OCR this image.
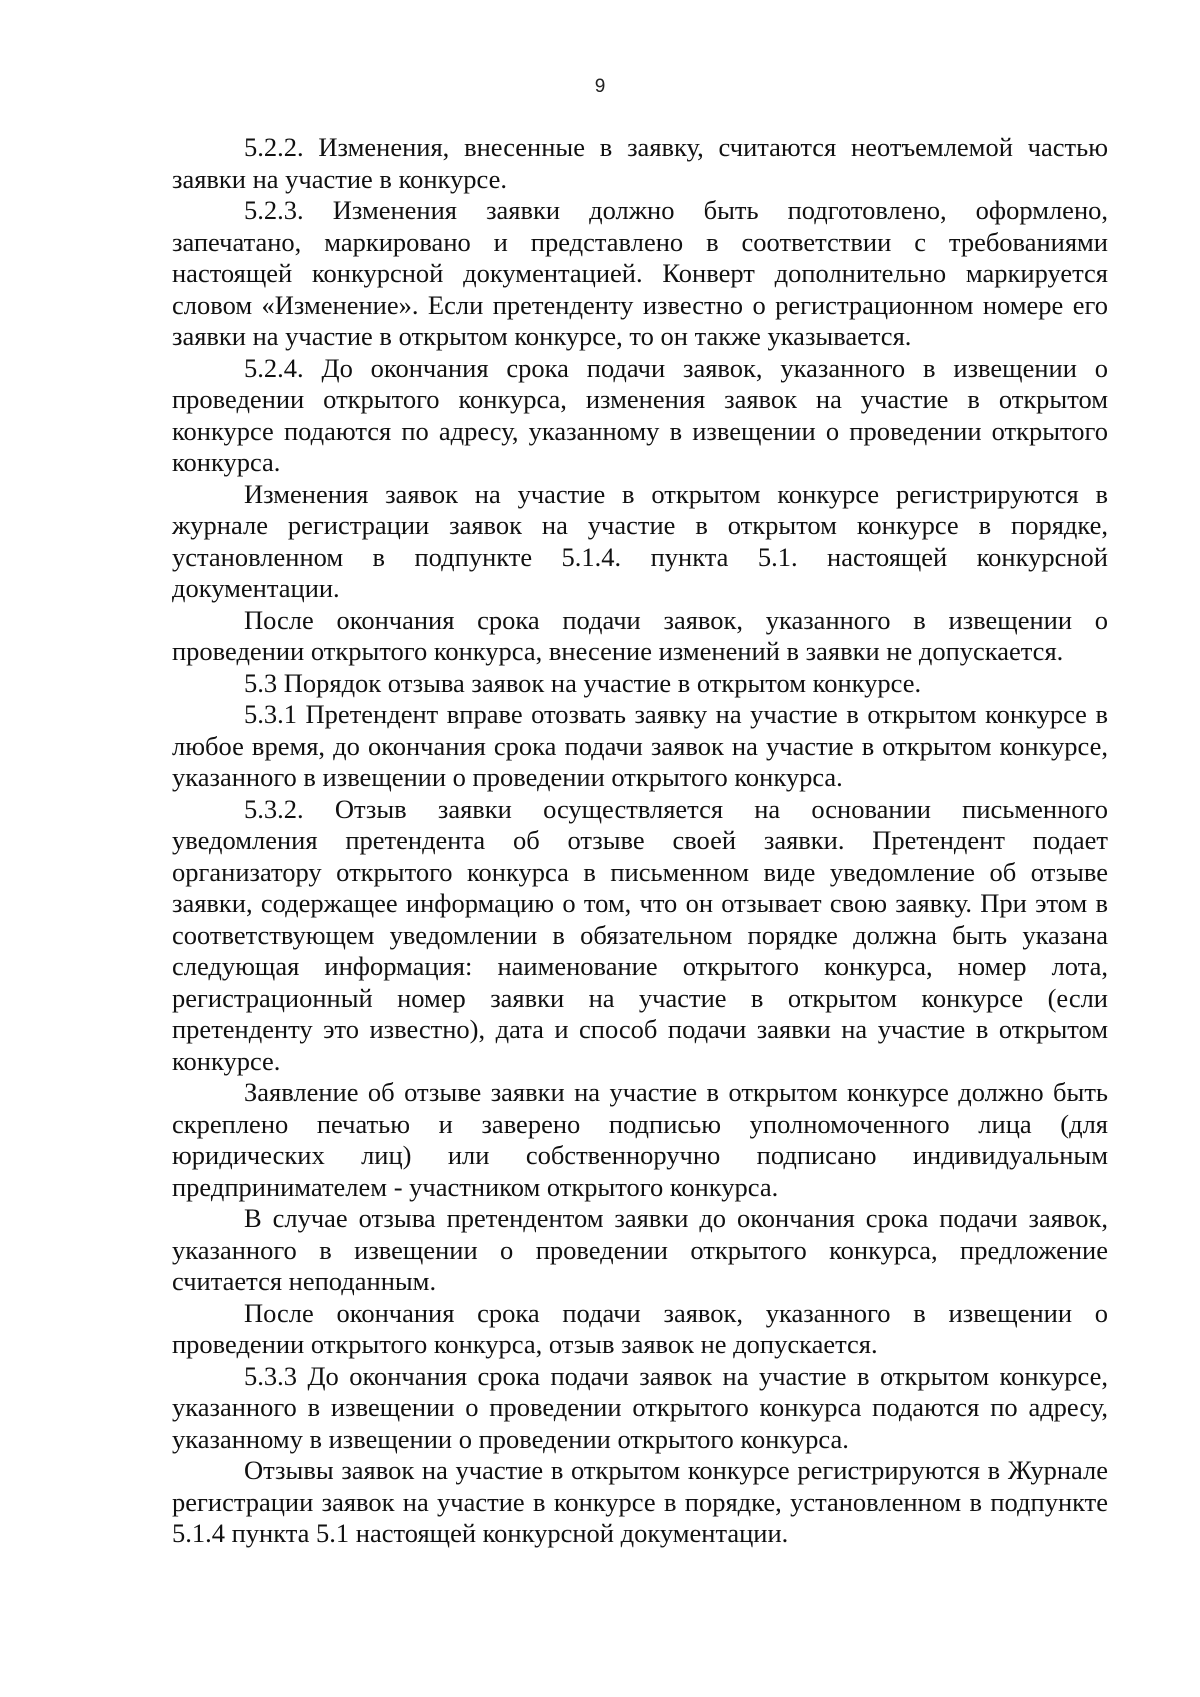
9

5.2.2. Изменения, внесенные в заявку, считаются неотъемлемой частью заявки на участие в конкурсе.

5.2.3. Изменения заявки должно быть подготовлено, оформлено, запечатано, маркировано и представлено в соответствии с требованиями настоящей конкурсной документацией. Конверт дополнительно маркируется словом «Изменение». Если претенденту известно о регистрационном номере его заявки на участие в открытом конкурсе, то он также указывается.

5.2.4. До окончания срока подачи заявок, указанного в извещении о проведении открытого конкурса, изменения заявок на участие в открытом конкурсе подаются по адресу, указанному в извещении о проведении открытого конкурса.

Изменения заявок на участие в открытом конкурсе регистрируются в журнале регистрации заявок на участие в открытом конкурсе в порядке, установленном в подпункте 5.1.4. пункта 5.1. настоящей конкурсной документации.

После окончания срока подачи заявок, указанного в извещении о проведении открытого конкурса, внесение изменений в заявки не допускается.

5.3 Порядок отзыва заявок на участие в открытом конкурсе.

5.3.1 Претендент вправе отозвать заявку на участие в открытом конкурсе в любое время, до окончания срока подачи заявок на участие в открытом конкурсе, указанного в извещении о проведении открытого конкурса.

5.3.2. Отзыв заявки осуществляется на основании письменного уведомления претендента об отзыве своей заявки. Претендент подает организатору открытого конкурса в письменном виде уведомление об отзыве заявки, содержащее информацию о том, что он отзывает свою заявку. При этом в соответствующем уведомлении в обязательном порядке должна быть указана следующая информация: наименование открытого конкурса, номер лота, регистрационный номер заявки на участие в открытом конкурсе (если претенденту это известно), дата и способ подачи заявки на участие в открытом конкурсе.

Заявление об отзыве заявки на участие в открытом конкурсе должно быть скреплено печатью и заверено подписью уполномоченного лица (для юридических лиц) или собственноручно подписано индивидуальным предпринимателем - участником открытого конкурса.

В случае отзыва претендентом заявки до окончания срока подачи заявок, указанного в извещении о проведении открытого конкурса, предложение считается неподанным.

После окончания срока подачи заявок, указанного в извещении о проведении открытого конкурса, отзыв заявок не допускается.

5.3.3 До окончания срока подачи заявок на участие в открытом конкурсе, указанного в извещении о проведении открытого конкурса подаются по адресу, указанному в извещении о проведении открытого конкурса.

Отзывы заявок на участие в открытом конкурсе регистрируются в Журнале регистрации заявок на участие в конкурсе в порядке, установленном в подпункте 5.1.4 пункта 5.1 настоящей конкурсной документации.
